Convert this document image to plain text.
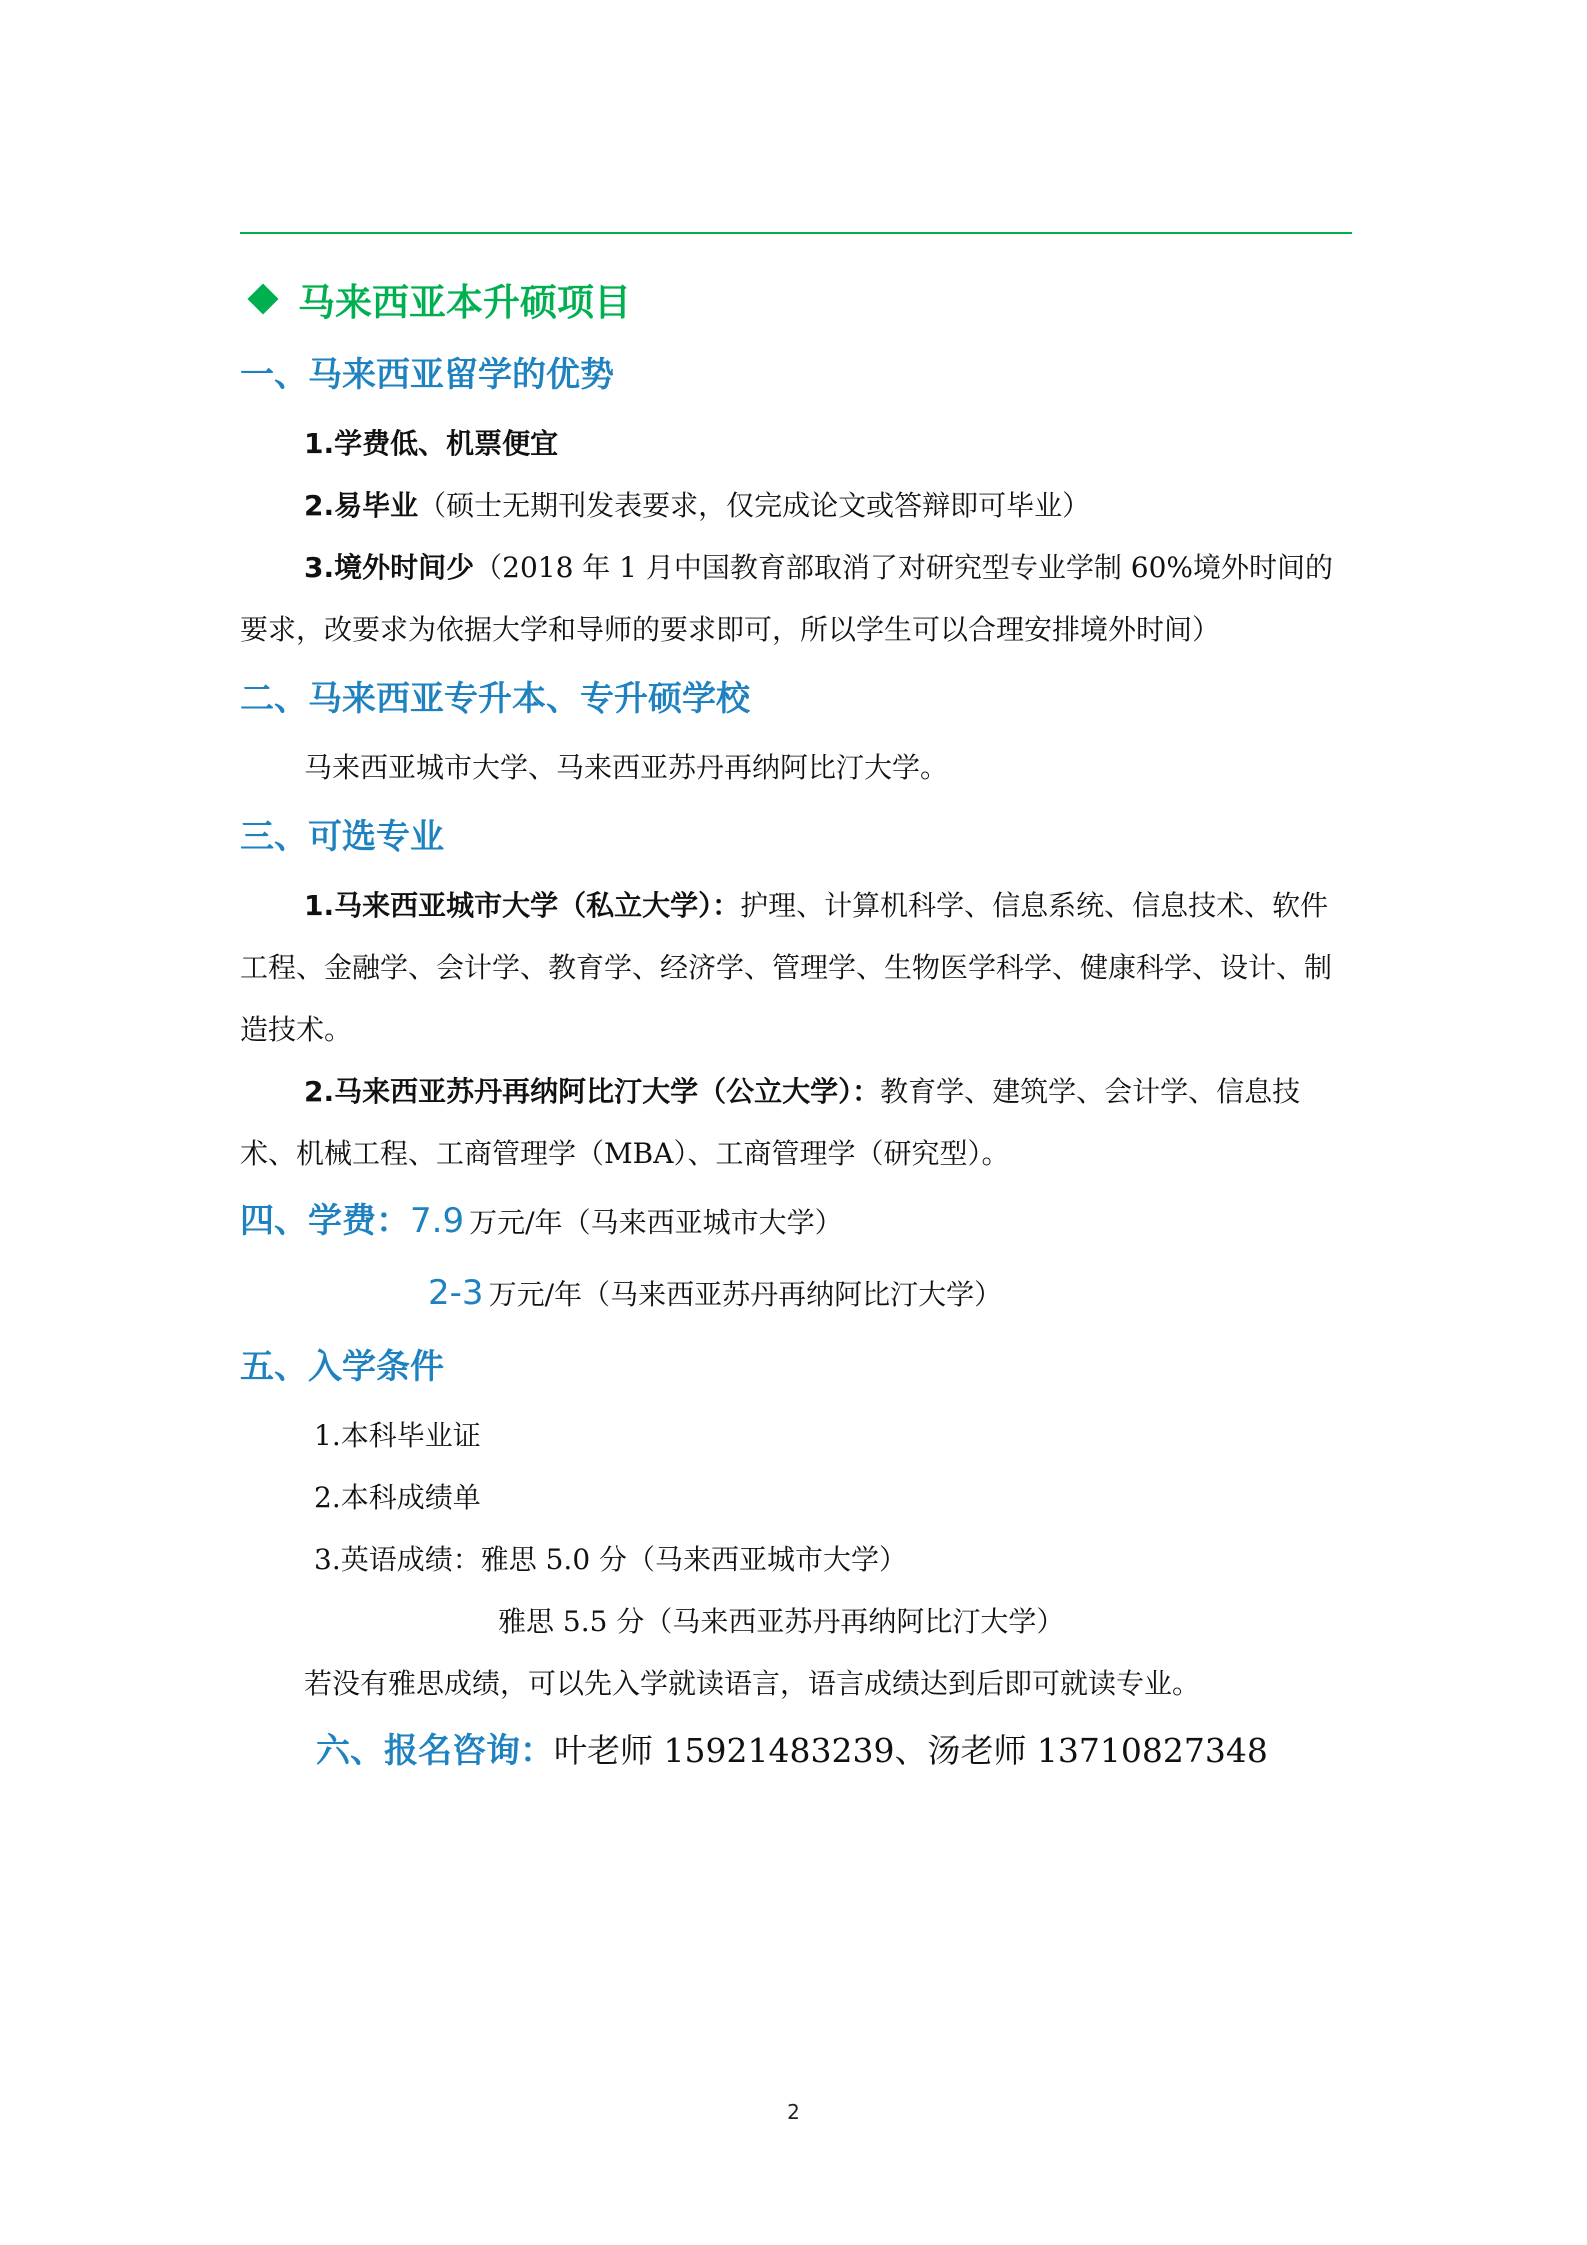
马来西亚本升硕项目
一、马来西亚留学的优势
1.学费低、机票便宜
2.易毕业（硕士无期刊发表要求，仅完成论文或答辩即可毕业）
3.境外时间少（2018 年 1 月中国教育部取消了对研究型专业学制 60%境外时间的要求，改要求为依据大学和导师的要求即可，所以学生可以合理安排境外时间）
二、马来西亚专升本、专升硕学校
马来西亚城市大学、马来西亚苏丹再纳阿比汀大学。
三、可选专业
1.马来西亚城市大学（私立大学）：护理、计算机科学、信息系统、信息技术、软件工程、金融学、会计学、教育学、经济学、管理学、生物医学科学、健康科学、设计、制造技术。
2.马来西亚苏丹再纳阿比汀大学（公立大学）：教育学、建筑学、会计学、信息技术、机械工程、工商管理学（MBA）、工商管理学（研究型）。
四、学费：7.9 万元/年（马来西亚城市大学）
2-3 万元/年（马来西亚苏丹再纳阿比汀大学）
五、入学条件
1.本科毕业证
2.本科成绩单
3.英语成绩：雅思 5.0 分（马来西亚城市大学）
雅思 5.5 分（马来西亚苏丹再纳阿比汀大学）
若没有雅思成绩，可以先入学就读语言，语言成绩达到后即可就读专业。
六、报名咨询：叶老师 15921483239、汤老师 13710827348
2
